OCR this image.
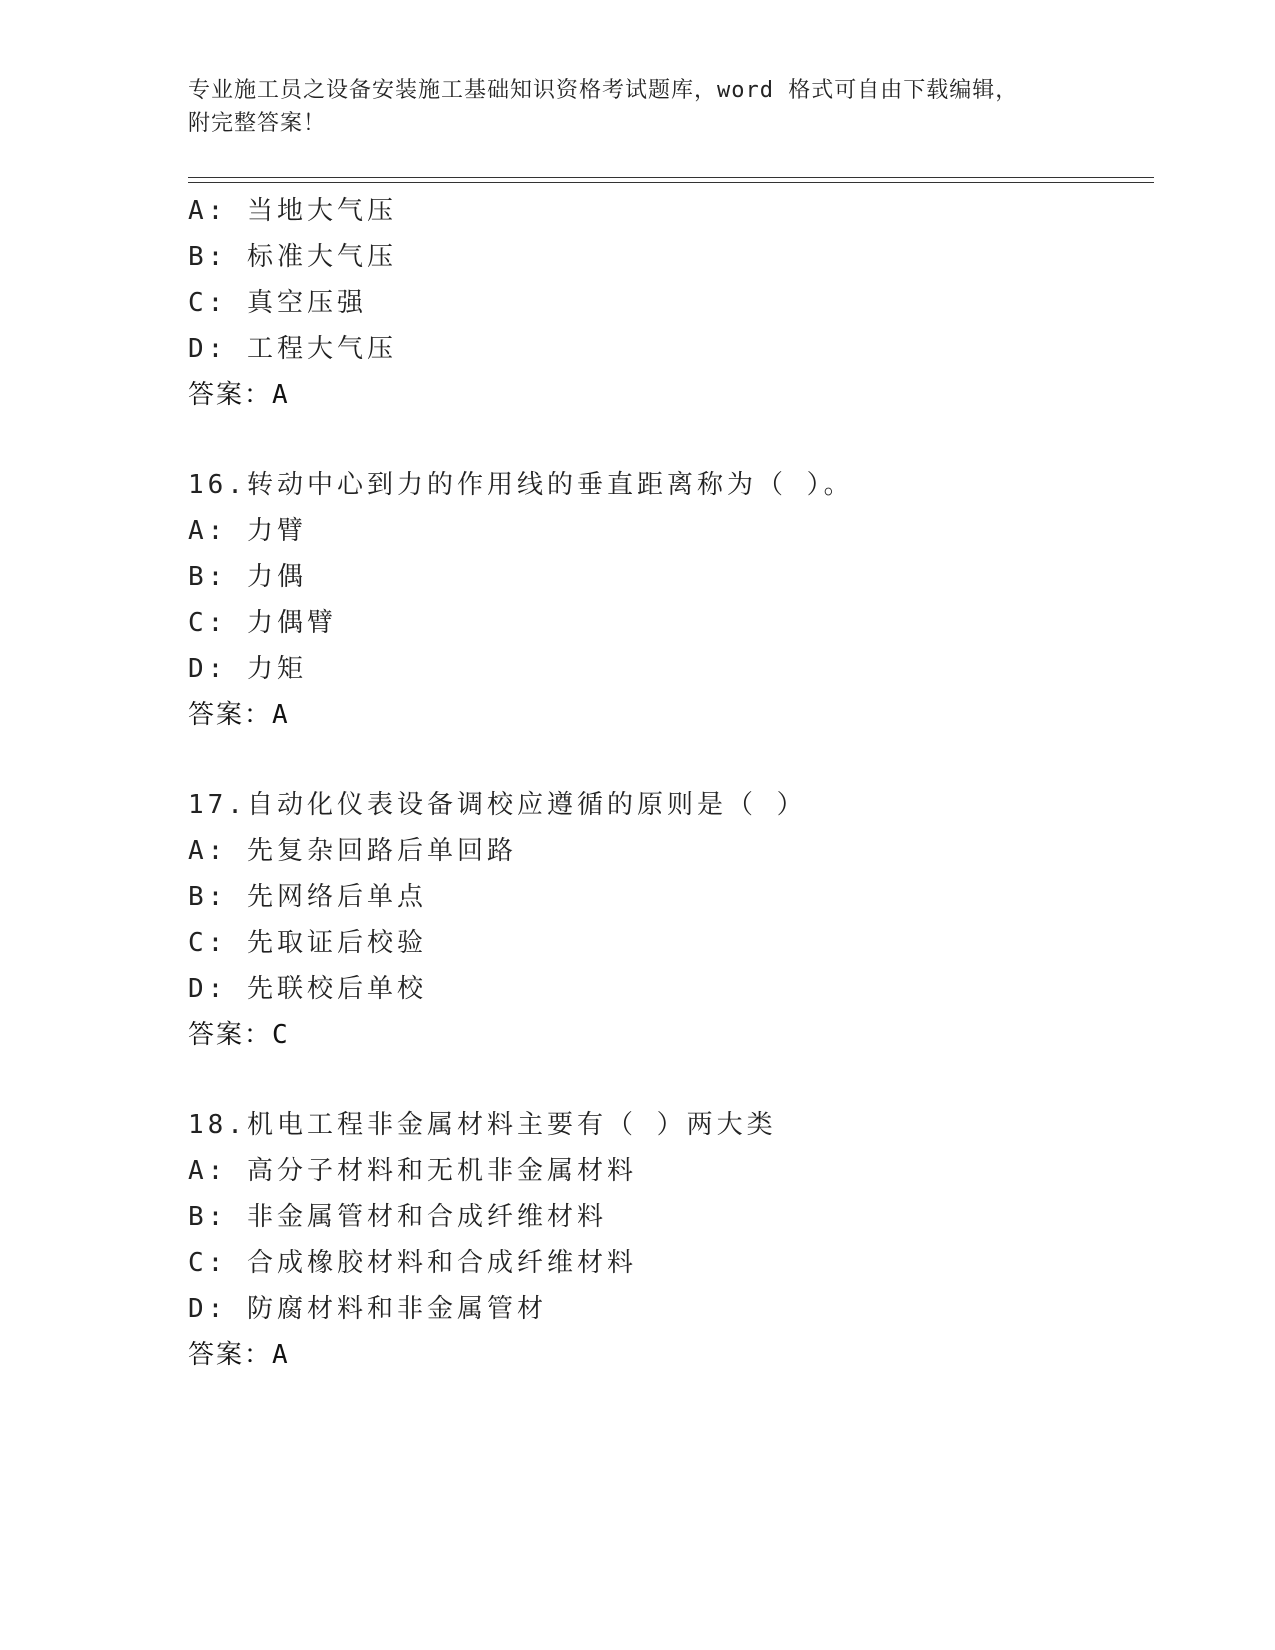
专业施工员之设备安装施工基础知识资格考试题库，word 格式可自由下载编辑，
附完整答案！
A: 当地大气压
B: 标准大气压
C: 真空压强
D: 工程大气压
答案：A
16.转动中心到力的作用线的垂直距离称为（ ）。
A: 力臂
B: 力偶
C: 力偶臂
D: 力矩
答案：A
17.自动化仪表设备调校应遵循的原则是（ ）
A: 先复杂回路后单回路
B: 先网络后单点
C: 先取证后校验
D: 先联校后单校
答案：C
18.机电工程非金属材料主要有（ ）两大类
A: 高分子材料和无机非金属材料
B: 非金属管材和合成纤维材料
C: 合成橡胶材料和合成纤维材料
D: 防腐材料和非金属管材
答案：A
